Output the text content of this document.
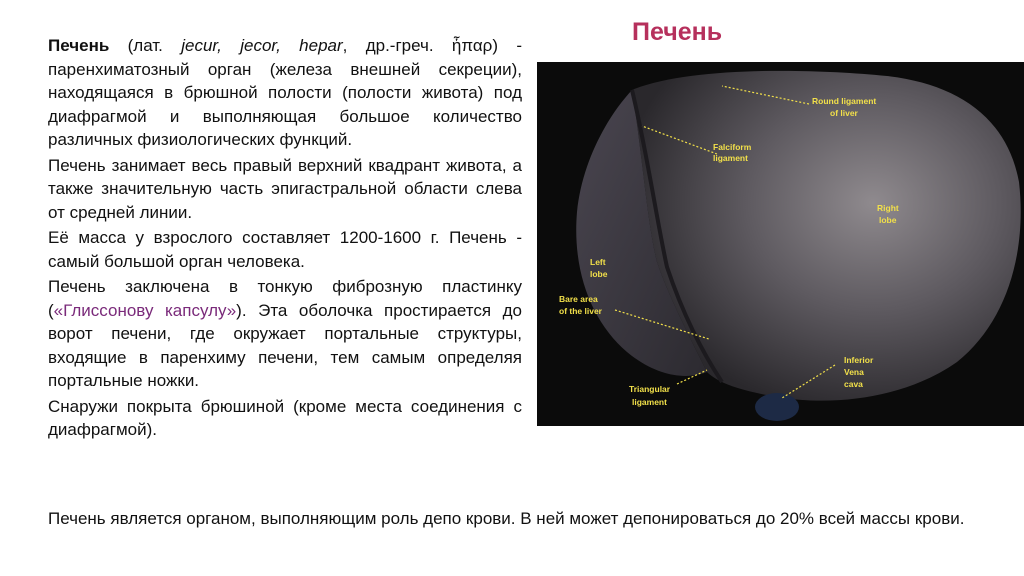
Печень (лат. jecur, jecor, hepar, др.-греч. ἧπαρ) - паренхиматозный орган (железа внешней секреции), находящаяся в брюшной полости (полости живота) под диафрагмой и выполняющая большое количество различных физиологических функций.

Печень занимает весь правый верхний квадрант живота, а также значительную часть эпигастральной области слева от средней линии.

Её масса у взрослого составляет 1200-1600 г. Печень - самый большой орган человека.

Печень заключена в тонкую фиброзную пластинку («Глиссонову капсулу»). Эта оболочка простирается до ворот печени, где окружает портальные структуры, входящие в паренхиму печени, тем самым определяя портальные ножки.

Снаружи покрыта брюшиной (кроме места соединения с диафрагмой).

Печень
Round ligament
of liver
Falciform
ligament
Right
lobe
Left
lobe
Bare area
of the liver
Inferior
Vena
cava
Triangular
ligament
Печень является органом, выполняющим роль депо крови. В ней может депонироваться до 20% всей массы крови.
